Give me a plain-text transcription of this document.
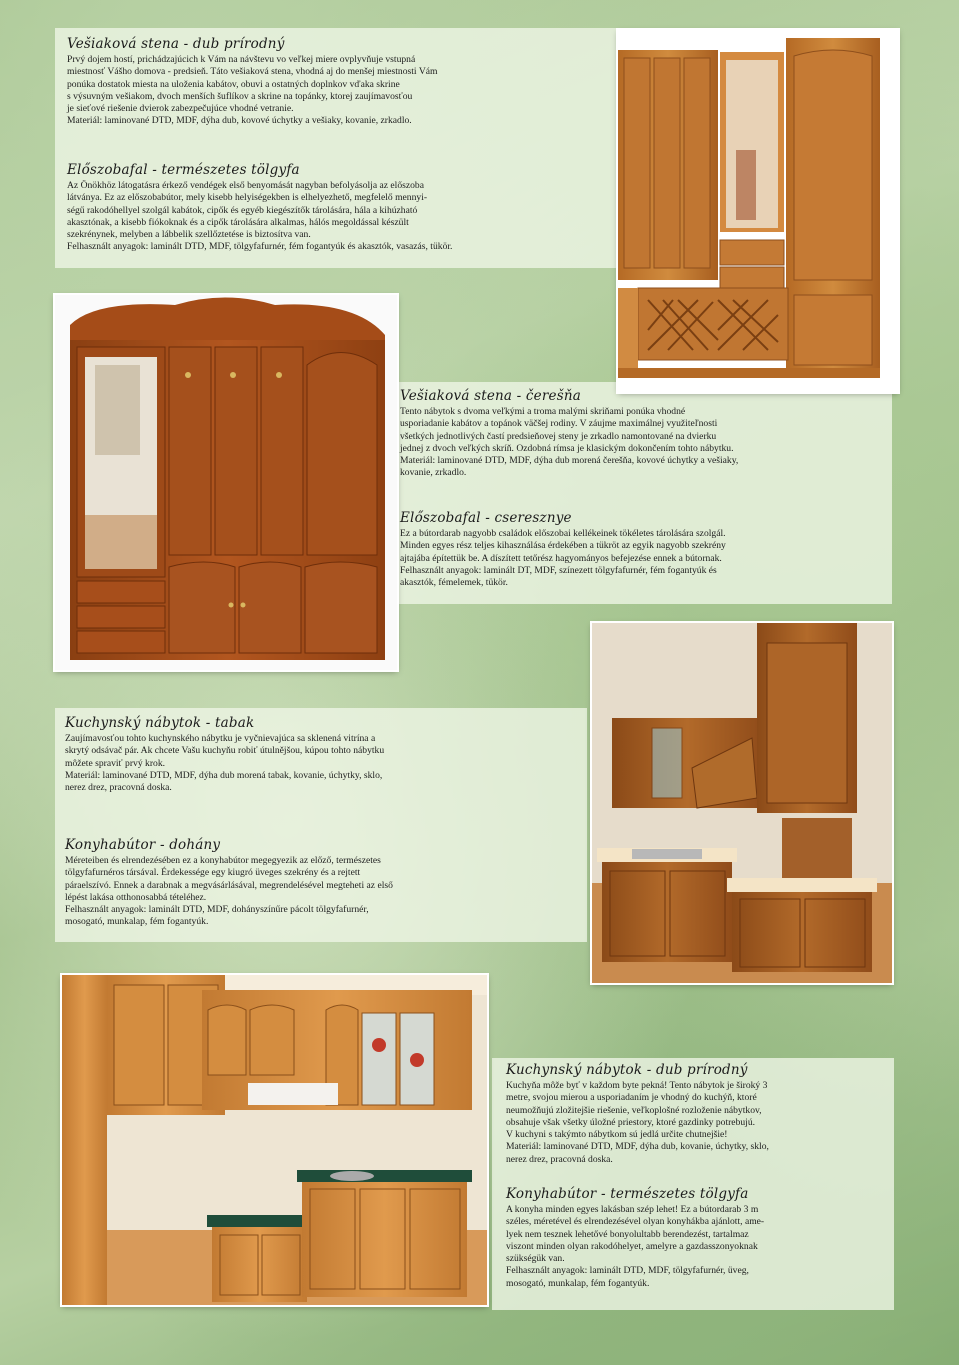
Vešiaková stena - dub prírodný

Prvý dojem hostí, prichádzajúcich k Vám na návštevu vo veľkej miere ovplyvňuje vstupná
miestnosť Vášho domova - predsieň. Táto vešiaková stena, vhodná aj do menšej miestnosti Vám
ponúka dostatok miesta na uloženia kabátov, obuvi a ostatných doplnkov vďaka skrine
s výsuvným vešiakom, dvoch menších šuflíkov a skrine na topánky, ktorej zaujímavosťou
je sieťové riešenie dvierok zabezpečujúce vhodné vetranie.
Materiál: laminované DTD, MDF, dýha dub, kovové úchytky a vešiaky, kovanie, zrkadlo.

Előszobafal - természetes tölgyfa

Az Önökhöz látogatásra érkező vendégek első benyomását nagyban befolyásolja az előszoba
látványa. Ez az előszobabútor, mely kisebb helyiségekben is elhelyezhető, megfelelő mennyi-
ségű rakodóhellyel szolgál kabátok, cipők és egyéb kiegészítők tárolására, hála a kihúzható
akasztónak, a kisebb fiókoknak és a cipők tárolására alkalmas, hálós megoldással készült
szekrénynek, melyben a lábbelik szellőztetése is biztosítva van.
Felhasznált anyagok: laminált DTD, MDF, tölgyfafurnér, fém fogantyúk és akasztók, vasazás, tükör.

Vešiaková stena - čerešňa

Tento nábytok s dvoma veľkými a troma malými skriňami ponúka vhodné
usporiadanie kabátov a topánok väčšej rodiny. V záujme maximálnej využiteľnosti
všetkých jednotlivých častí predsieňovej steny je zrkadlo namontované na dvierku
jednej z dvoch veľkých skríň. Ozdobná rímsa je klasickým dokončením tohto nábytku.
Materiál: laminované DTD, MDF, dýha dub morená čerešňa, kovové úchytky a vešiaky,
kovanie, zrkadlo.

Előszobafal - cseresznye

Ez a bútordarab nagyobb családok előszobai kellékeinek tökéletes tárolására szolgál.
Minden egyes rész teljes kihasználása érdekében a tükröt az egyik nagyobb szekrény
ajtajába építettük be. A díszített tetőrész hagyományos befejezése ennek a bútornak.
Felhasznált anyagok: laminált DT, MDF, színezett tölgyfafurnér, fém fogantyúk és
akasztók, fémelemek, tükör.

Kuchynský nábytok - tabak

Zaujímavosťou tohto kuchynského nábytku je vyčnievajúca sa sklenená vitrína a
skrytý odsávač pár. Ak chcete Vašu kuchyňu robiť útulnějšou, kúpou tohto nábytku
môžete spraviť prvý krok.
Materiál: laminované DTD, MDF, dýha dub morená tabak, kovanie, úchytky, sklo,
nerez drez, pracovná doska.

Konyhabútor - dohány

Méreteiben és elrendezésében ez a konyhabútor megegyezik az előző, természetes
tölgyfafurnéros társával. Érdekessége egy kiugró üveges szekrény és a rejtett
páraelszívó. Ennek a darabnak a megvásárlásával, megrendelésével megteheti az első
lépést lakása otthonosabbá tételéhez.
Felhasznált anyagok: laminált DTD, MDF, dohányszínűre pácolt tölgyfafurnér,
mosogató, munkalap, fém fogantyúk.

Kuchynský nábytok - dub prírodný

Kuchyňa môže byť v každom byte pekná! Tento nábytok je široký 3
metre, svojou mierou a usporiadaním je vhodný do kuchýň, ktoré
neumožňujú zložitejšie riešenie, veľkoplošné rozloženie nábytkov,
obsahuje však všetky úložné priestory, ktoré gazdinky potrebujú.
V kuchyni s takýmto nábytkom sú jedlá určite chutnejšie!
Materiál: laminované DTD, MDF, dýha dub, kovanie, úchytky, sklo,
nerez drez, pracovná doska.

Konyhabútor - természetes tölgyfa

A konyha minden egyes lakásban szép lehet! Ez a bútordarab 3 m
széles, méretével és elrendezésével olyan konyhákba ajánlott, ame-
lyek nem tesznek lehetővé bonyolultabb berendezést, tartalmaz
viszont minden olyan rakodóhelyet, amelyre a gazdasszonyoknak
szükségük van.
Felhasznált anyagok: laminált DTD, MDF, tölgyfafurnér, üveg,
mosogató, munkalap, fém fogantyúk.
